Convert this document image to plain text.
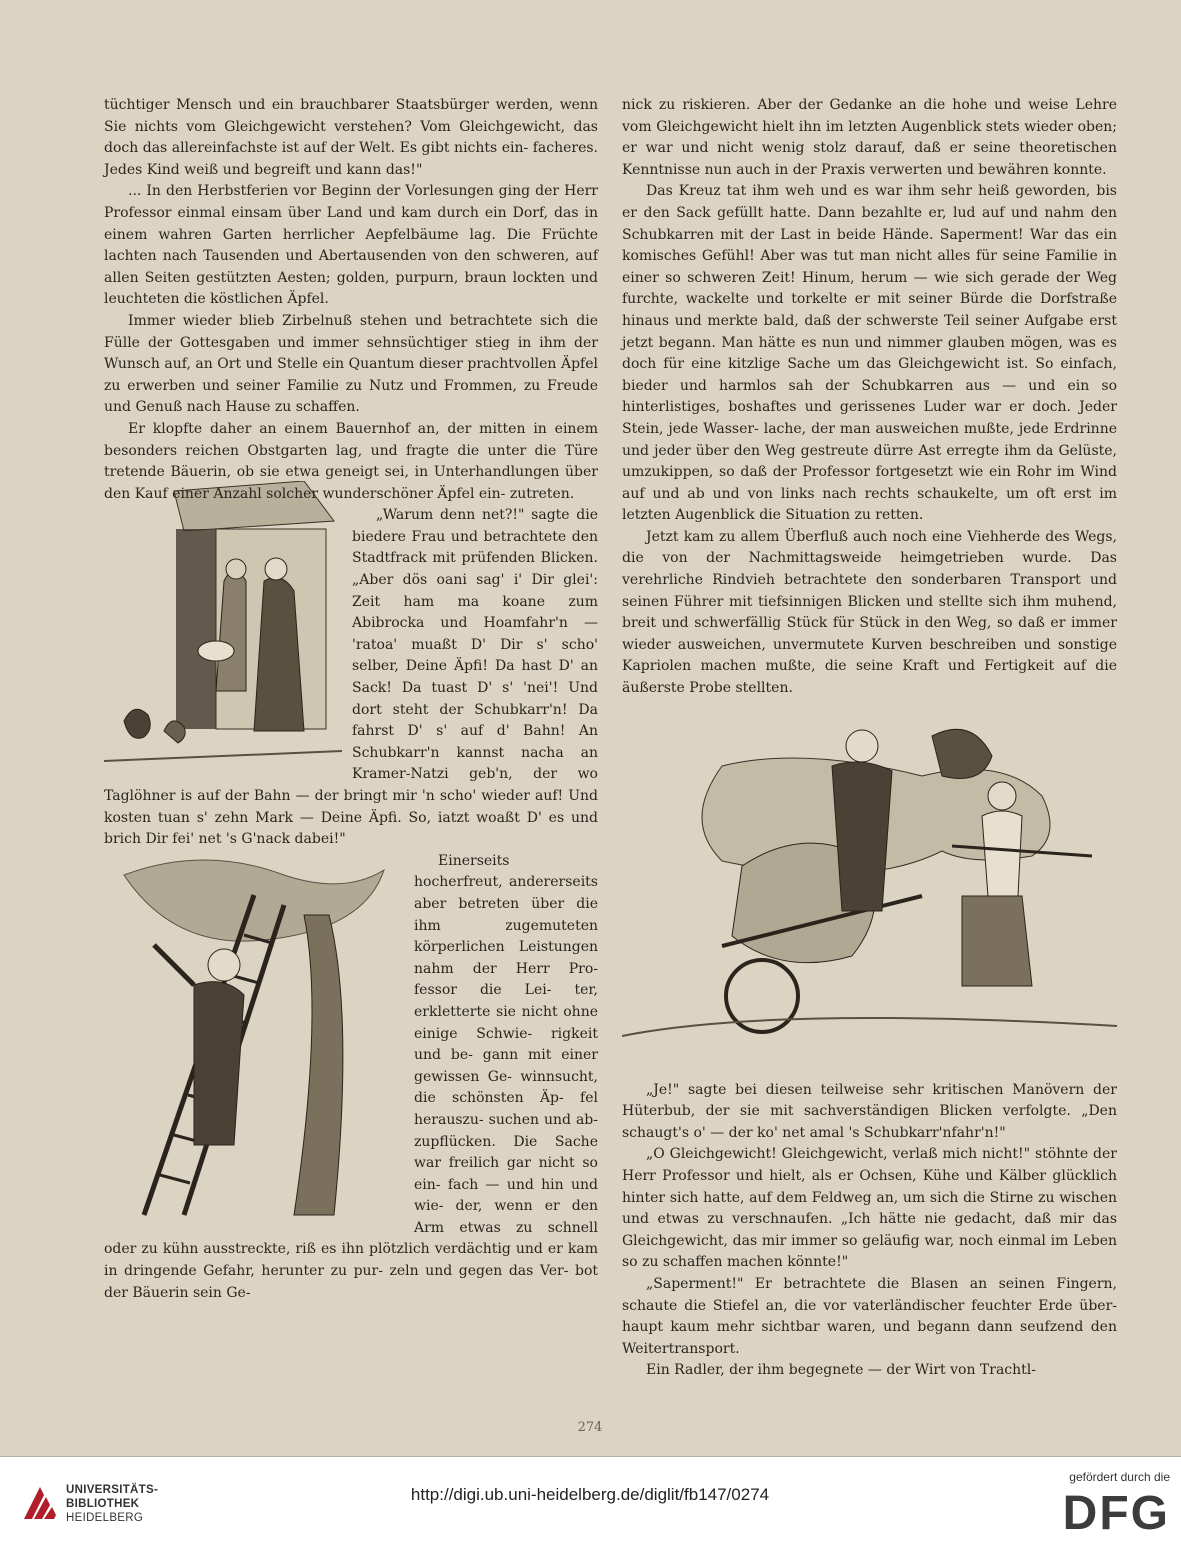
tüchtiger Mensch und ein brauchbarer Staatsbürger werden, wenn Sie nichts vom Gleichgewicht verstehen? Vom Gleichgewicht, das doch das allereinfachste ist auf der Welt. Es gibt nichts ein- facheres. Jedes Kind weiß und begreift und kann das!"

... In den Herbstferien vor Beginn der Vorlesungen ging der Herr Professor einmal einsam über Land und kam durch ein Dorf, das in einem wahren Garten herrlicher Aepfelbäume lag. Die Früchte lachten nach Tausenden und Abertausenden von den schweren, auf allen Seiten gestützten Aesten; golden, purpurn, braun lockten und leuchteten die köstlichen Äpfel.

Immer wieder blieb Zirbelnuß stehen und betrachtete sich die Fülle der Gottesgaben und immer sehnsüchtiger stieg in ihm der Wunsch auf, an Ort und Stelle ein Quantum dieser prachtvollen Äpfel zu erwerben und seiner Familie zu Nutz und Frommen, zu Freude und Genuß nach Hause zu schaffen.

Er klopfte daher an einem Bauernhof an, der mitten in einem besonders reichen Obstgarten lag, und fragte die unter die Türe tretende Bäuerin, ob sie etwa geneigt sei, in Unterhandlungen über den Kauf einer Anzahl solcher wunderschöner Äpfel ein- zutreten.

„Warum denn net?!" sagte die biedere Frau und betrachtete den Stadtfrack mit prüfenden Blicken. „Aber dös oani sag' i' Dir glei': Zeit ham ma koane zum Abibrocka und Hoamfahr'n — 'ratoa' muaßt D' Dir s' scho' selber, Deine Äpfi! Da hast D' an Sack! Da tuast D' s' 'nei'! Und dort steht der Schubkarr'n! Da fahrst D' s' auf d' Bahn! An Schubkarr'n kannst nacha an Kramer-Natzi geb'n, der wo Taglöhner is auf der Bahn — der bringt mir 'n scho' wieder auf! Und kosten tuan s' zehn Mark — Deine Äpfi. So, iatzt woaßt D' es und brich Dir fei' net 's G'nack dabei!"

Einerseits hocherfreut, andererseits aber betreten über die ihm zugemuteten körperlichen Leistungen nahm der Herr Pro- fessor die Lei- ter, erkletterte sie nicht ohne einige Schwie- rigkeit und be- gann mit einer gewissen Ge- winnsucht, die schönsten Äp- fel herauszu- suchen und ab- zupflücken. Die Sache war freilich gar nicht so ein- fach — und hin und wie- der, wenn er den Arm etwas zu schnell oder zu kühn ausstreckte, riß es ihn plötzlich verdächtig und er kam in dringende Gefahr, herunter zu pur- zeln und gegen das Ver- bot der Bäuerin sein Ge-

nick zu riskieren. Aber der Gedanke an die hohe und weise Lehre vom Gleichgewicht hielt ihn im letzten Augenblick stets wieder oben; er war und nicht wenig stolz darauf, daß er seine theoretischen Kenntnisse nun auch in der Praxis verwerten und bewähren konnte.

Das Kreuz tat ihm weh und es war ihm sehr heiß geworden, bis er den Sack gefüllt hatte. Dann bezahlte er, lud auf und nahm den Schubkarren mit der Last in beide Hände. Saperment! War das ein komisches Gefühl! Aber was tut man nicht alles für seine Familie in einer so schweren Zeit! Hinum, herum — wie sich gerade der Weg furchte, wackelte und torkelte er mit seiner Bürde die Dorfstraße hinaus und merkte bald, daß der schwerste Teil seiner Aufgabe erst jetzt begann. Man hätte es nun und nimmer glauben mögen, was es doch für eine kitzlige Sache um das Gleichgewicht ist. So einfach, bieder und harmlos sah der Schubkarren aus — und ein so hinterlistiges, boshaftes und gerissenes Luder war er doch. Jeder Stein, jede Wasser- lache, der man ausweichen mußte, jede Erdrinne und jeder über den Weg gestreute dürre Ast erregte ihm da Gelüste, umzukippen, so daß der Professor fortgesetzt wie ein Rohr im Wind auf und ab und von links nach rechts schaukelte, um oft erst im letzten Augenblick die Situation zu retten.

Jetzt kam zu allem Überfluß auch noch eine Viehherde des Wegs, die von der Nachmittagsweide heimgetrieben wurde. Das verehrliche Rindvieh betrachtete den sonderbaren Transport und seinen Führer mit tiefsinnigen Blicken und stellte sich ihm muhend, breit und schwerfällig Stück für Stück in den Weg, so daß er immer wieder ausweichen, unvermutete Kurven beschreiben und sonstige Kapriolen machen mußte, die seine Kraft und Fertigkeit auf die äußerste Probe stellten.

„Je!" sagte bei diesen teilweise sehr kritischen Manövern der Hüterbub, der sie mit sachverständigen Blicken verfolgte. „Den schaugt's o' — der ko' net amal 's Schubkarr'nfahr'n!"

„O Gleichgewicht! Gleichgewicht, verlaß mich nicht!" stöhnte der Herr Professor und hielt, als er Ochsen, Kühe und Kälber glücklich hinter sich hatte, auf dem Feldweg an, um sich die Stirne zu wischen und etwas zu verschnaufen. „Ich hätte nie gedacht, daß mir das Gleichgewicht, das mir immer so geläufig war, noch einmal im Leben so zu schaffen machen könnte!"

„Saperment!" Er betrachtete die Blasen an seinen Fingern, schaute die Stiefel an, die vor vaterländischer feuchter Erde über- haupt kaum mehr sichtbar waren, und begann dann seufzend den Weitertransport.

Ein Radler, der ihm begegnete — der Wirt von Trachtl-

274
UNIVERSITÄTS-
BIBLIOTHEK
HEIDELBERG
http://digi.ub.uni-heidelberg.de/diglit/fb147/0274
gefördert durch die
DFG
